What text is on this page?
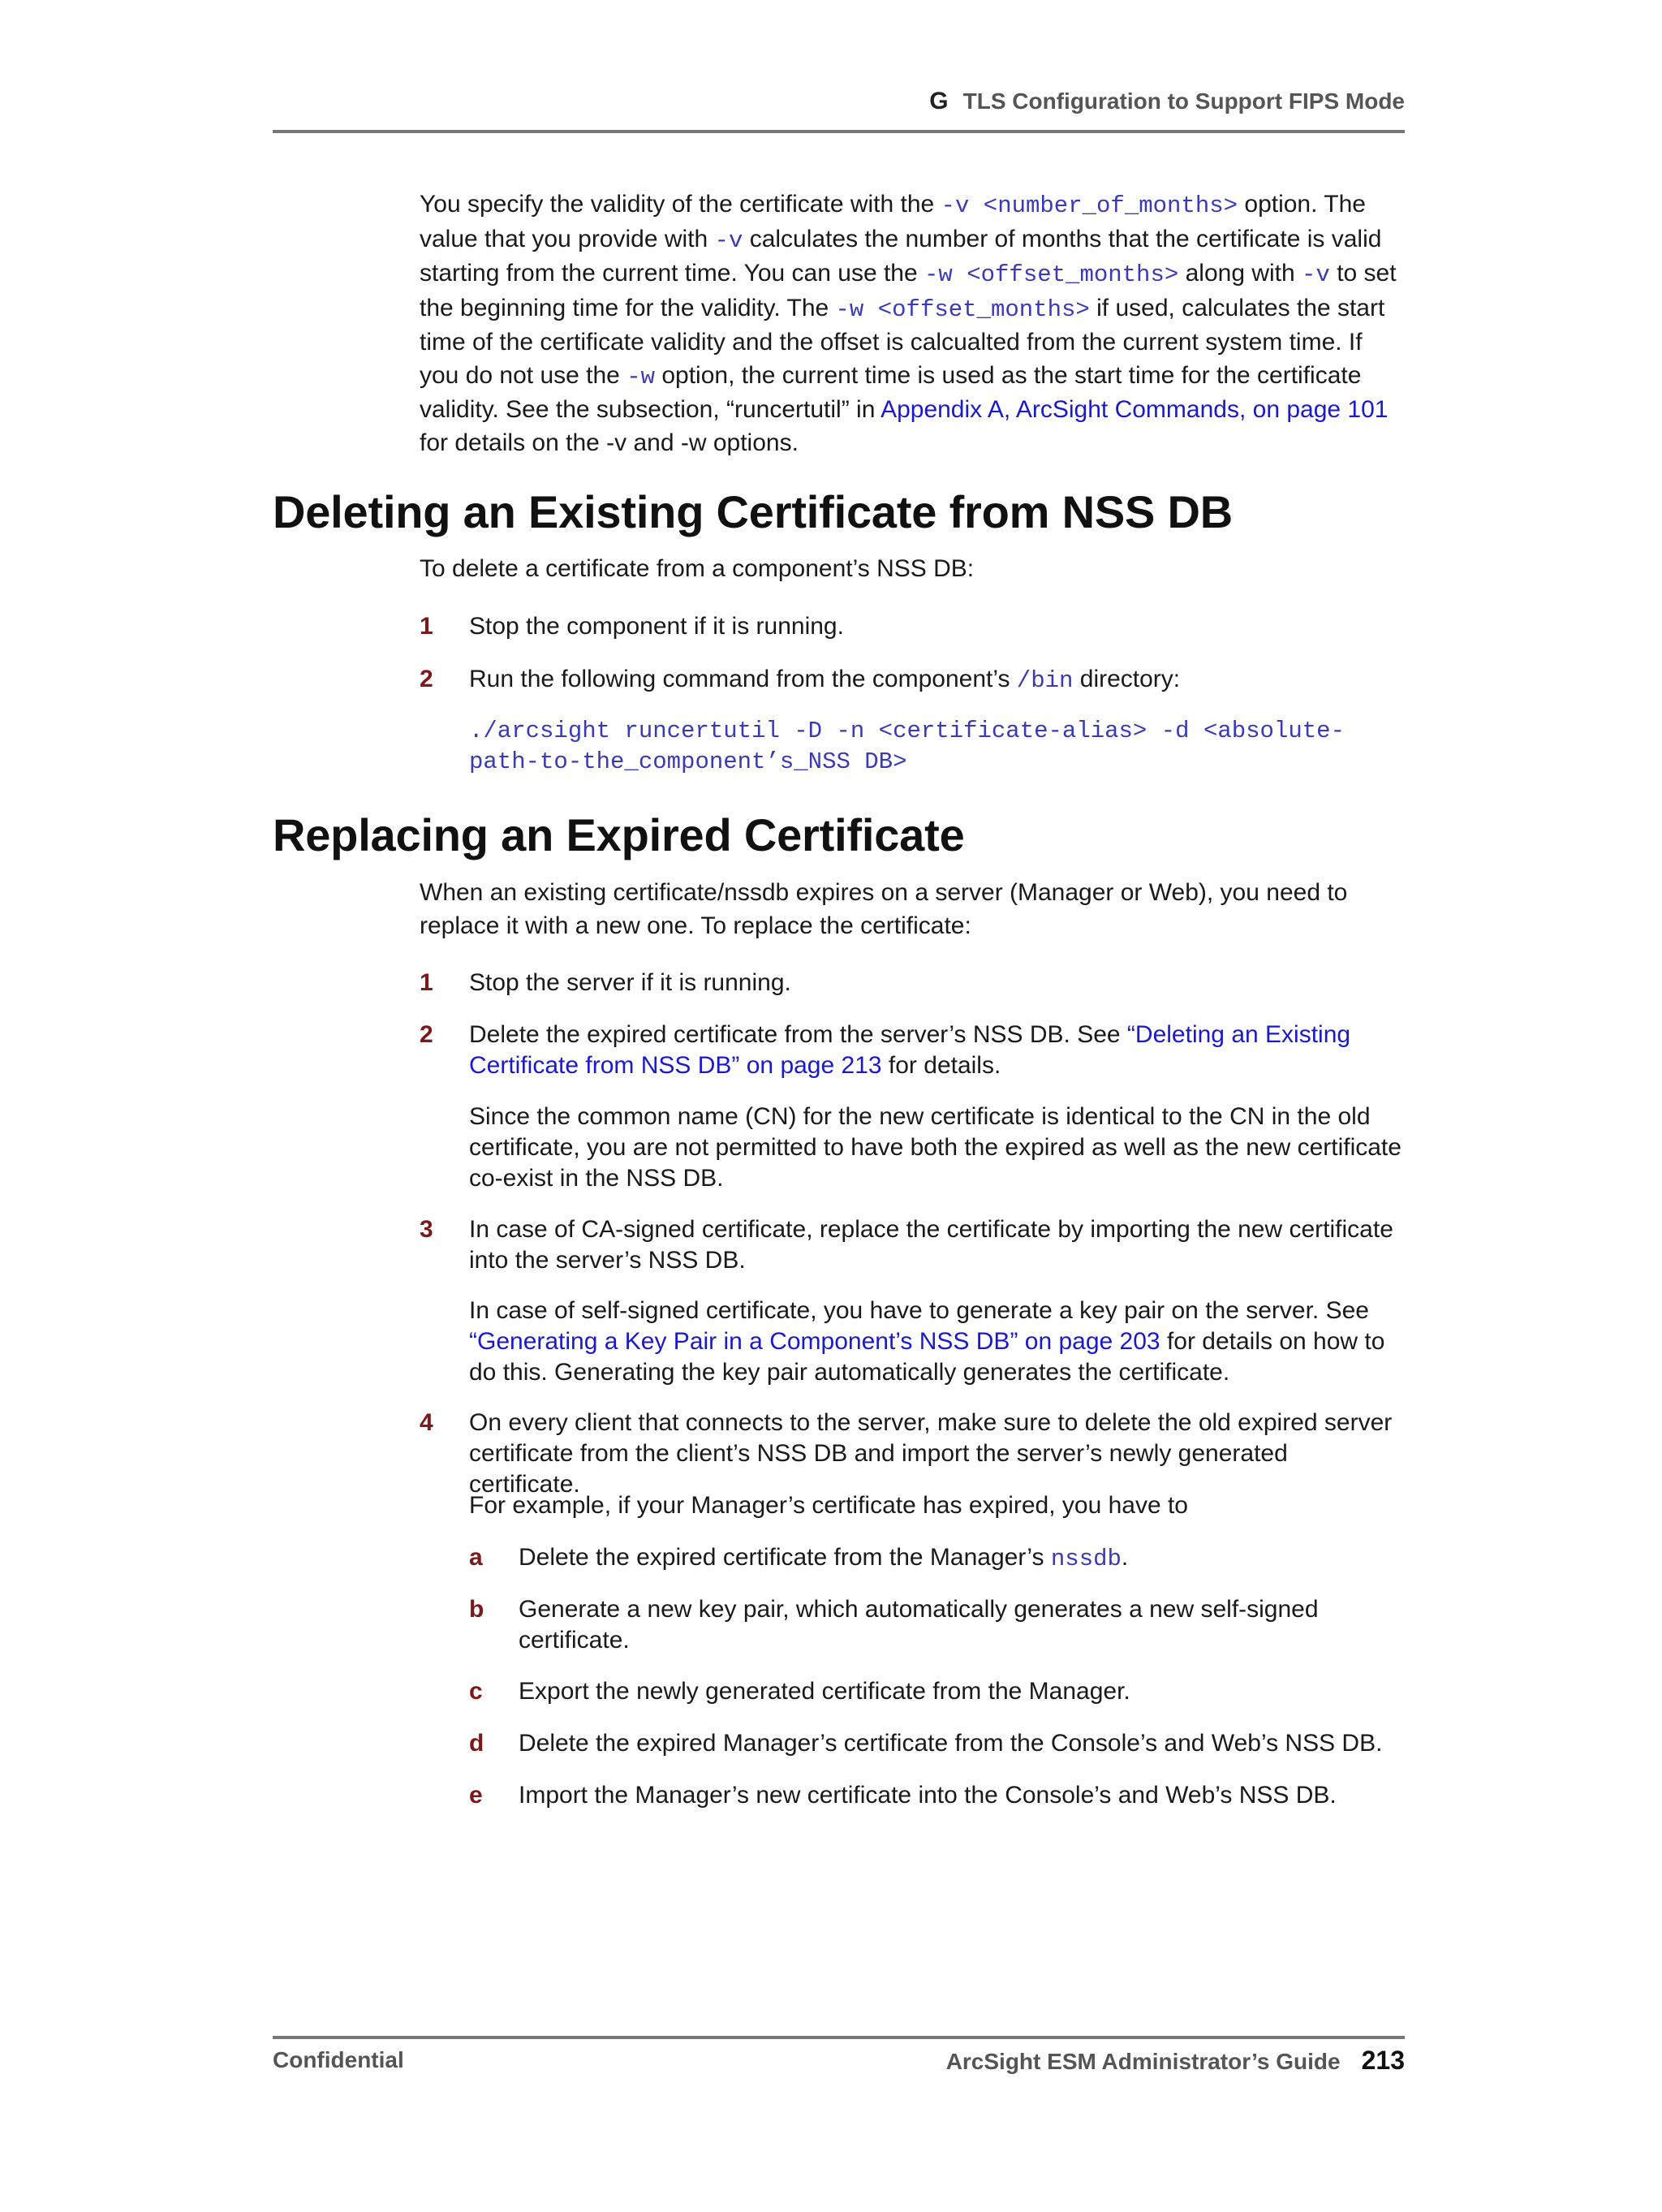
G TLS Configuration to Support FIPS Mode
You specify the validity of the certificate with the -v <number_of_months> option. The value that you provide with -v calculates the number of months that the certificate is valid starting from the current time. You can use the -w <offset_months> along with -v to set the beginning time for the validity. The -w <offset_months> if used, calculates the start time of the certificate validity and the offset is calcualted from the current system time. If you do not use the -w option, the current time is used as the start time for the certificate validity. See the subsection, “runcertutil” in Appendix A, ArcSight Commands, on page 101 for details on the -v and -w options.
Deleting an Existing Certificate from NSS DB
To delete a certificate from a component’s NSS DB:
1 Stop the component if it is running.
2 Run the following command from the component’s /bin directory:
./arcsight runcertutil -D -n <certificate-alias> -d <absolute-
path-to-the_component’s_NSS DB>
Replacing an Expired Certificate
When an existing certificate/nssdb expires on a server (Manager or Web), you need to replace it with a new one. To replace the certificate:
1 Stop the server if it is running.
2 Delete the expired certificate from the server’s NSS DB. See “Deleting an Existing Certificate from NSS DB” on page 213 for details.
Since the common name (CN) for the new certificate is identical to the CN in the old certificate, you are not permitted to have both the expired as well as the new certificate co-exist in the NSS DB.
3 In case of CA-signed certificate, replace the certificate by importing the new certificate into the server’s NSS DB.
In case of self-signed certificate, you have to generate a key pair on the server. See “Generating a Key Pair in a Component’s NSS DB” on page 203 for details on how to do this. Generating the key pair automatically generates the certificate.
4 On every client that connects to the server, make sure to delete the old expired server certificate from the client’s NSS DB and import the server’s newly generated certificate.
For example, if your Manager’s certificate has expired, you have to
a Delete the expired certificate from the Manager’s nssdb.
b Generate a new key pair, which automatically generates a new self-signed certificate.
c Export the newly generated certificate from the Manager.
d Delete the expired Manager’s certificate from the Console’s and Web’s NSS DB.
e Import the Manager’s new certificate into the Console’s and Web’s NSS DB.
Confidential	ArcSight ESM Administrator’s Guide 213
